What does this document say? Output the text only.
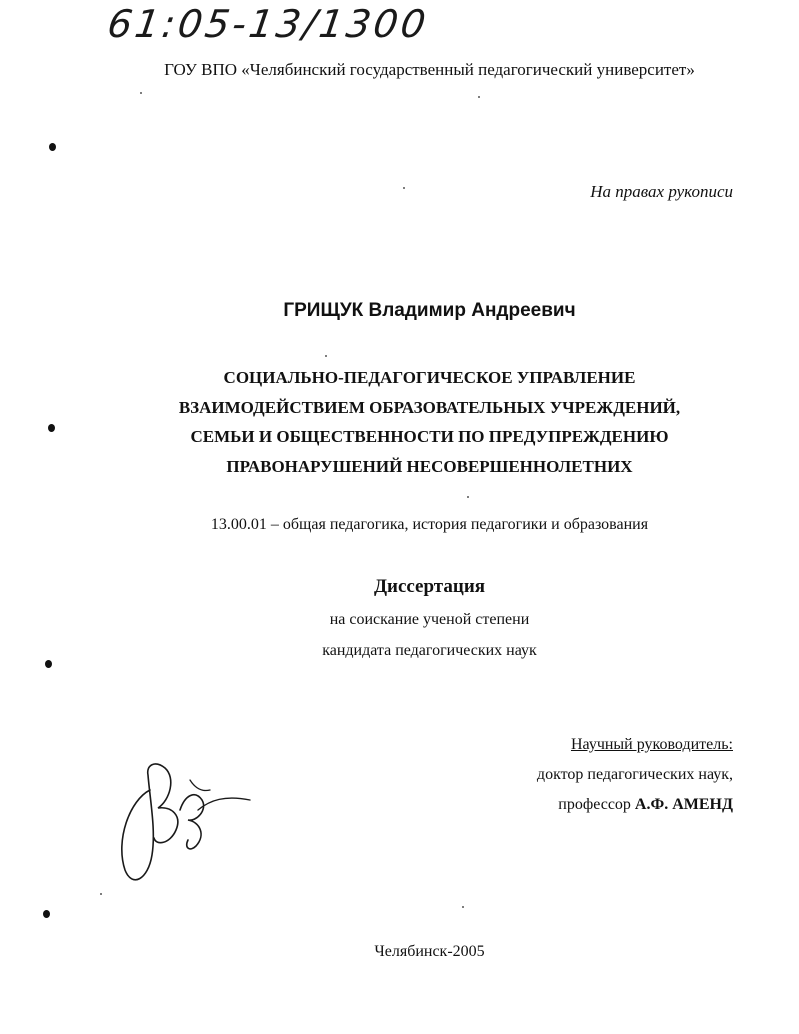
61:05-13/1300
ГОУ ВПО «Челябинский государственный педагогический университет»
На правах рукописи
ГРИЩУК Владимир Андреевич
СОЦИАЛЬНО-ПЕДАГОГИЧЕСКОЕ УПРАВЛЕНИЕ
ВЗАИМОДЕЙСТВИЕМ ОБРАЗОВАТЕЛЬНЫХ УЧРЕЖДЕНИЙ,
СЕМЬИ И ОБЩЕСТВЕННОСТИ ПО ПРЕДУПРЕЖДЕНИЮ
ПРАВОНАРУШЕНИЙ НЕСОВЕРШЕННОЛЕТНИХ
13.00.01 – общая педагогика, история педагогики и образования
Диссертация
на соискание ученой степени
кандидата педагогических наук
Научный руководитель:
доктор педагогических наук,
профессор А.Ф. АМЕНД
Челябинск-2005
